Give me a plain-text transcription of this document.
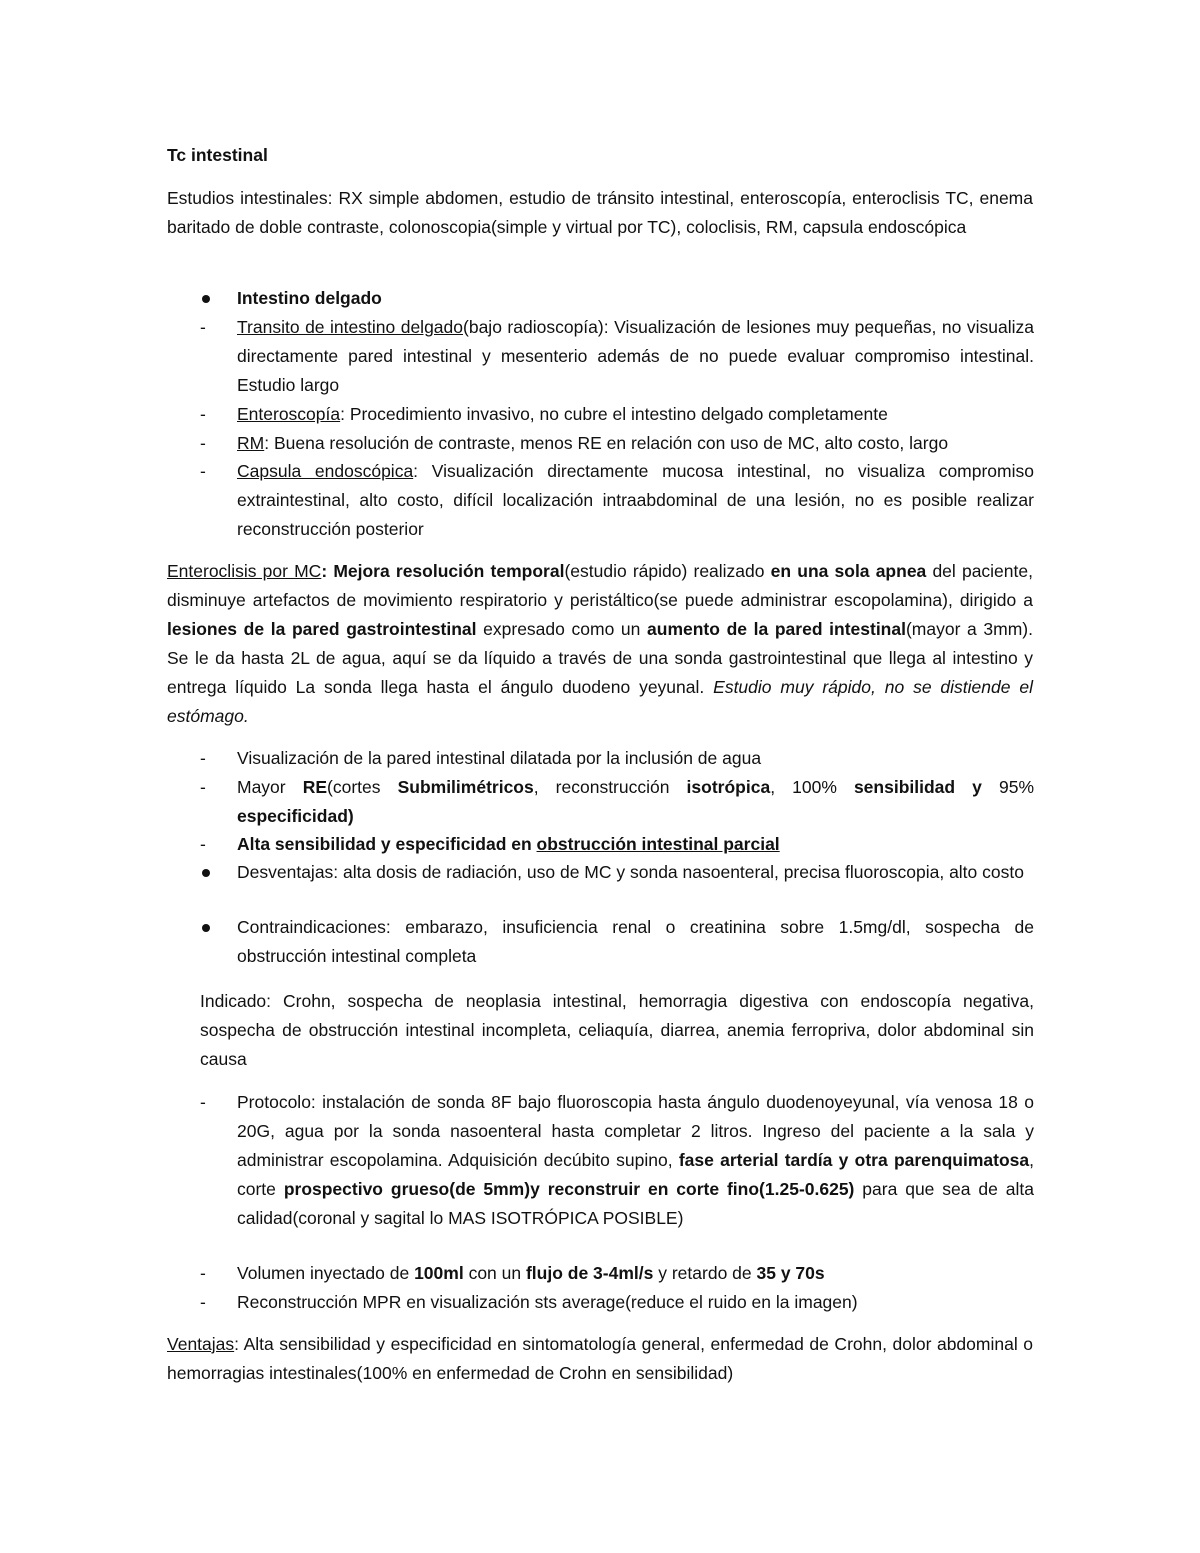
Tc intestinal

Estudios intestinales: RX simple abdomen, estudio de tránsito intestinal, enteroscopía, enteroclisis TC, enema baritado de doble contraste, colonoscopia(simple y virtual por TC), coloclisis, RM, capsula endoscópica

Intestino delgado
-	Transito de intestino delgado(bajo radioscopía): Visualización de lesiones muy pequeñas, no visualiza directamente pared intestinal y mesenterio además de no puede evaluar compromiso intestinal. Estudio largo
-	Enteroscopía: Procedimiento invasivo, no cubre el intestino delgado completamente
-	RM: Buena resolución de contraste, menos RE en relación con uso de MC, alto costo, largo
-	Capsula endoscópica: Visualización directamente mucosa intestinal, no visualiza compromiso extraintestinal, alto costo, difícil localización intraabdominal de una lesión, no es posible realizar reconstrucción posterior

Enteroclisis por MC: Mejora resolución temporal(estudio rápido) realizado en una sola apnea del paciente, disminuye artefactos de movimiento respiratorio y peristáltico(se puede administrar escopolamina), dirigido a lesiones de la pared gastrointestinal expresado como un aumento de la pared intestinal(mayor a 3mm). Se le da hasta 2L de agua, aquí se da líquido a través de una sonda gastrointestinal que llega al intestino y entrega líquido La sonda llega hasta el ángulo duodeno yeyunal. Estudio muy rápido, no se distiende el estómago.

-	Visualización de la pared intestinal dilatada por la inclusión de agua
-	Mayor RE(cortes Submilimétricos, reconstrucción isotrópica, 100% sensibilidad y 95% especificidad)
-	Alta sensibilidad y especificidad en obstrucción intestinal parcial
Desventajas: alta dosis de radiación, uso de MC y sonda nasoenteral, precisa fluoroscopia, alto costo
Contraindicaciones: embarazo, insuficiencia renal o creatinina sobre 1.5mg/dl, sospecha de obstrucción intestinal completa

Indicado: Crohn, sospecha de neoplasia intestinal, hemorragia digestiva con endoscopía negativa, sospecha de obstrucción intestinal incompleta, celiaquía, diarrea, anemia ferropriva, dolor abdominal sin causa

-	Protocolo: instalación de sonda 8F bajo fluoroscopia hasta ángulo duodenoyeyunal, vía venosa 18 o 20G, agua por la sonda nasoenteral hasta completar 2 litros. Ingreso del paciente a la sala y administrar escopolamina. Adquisición decúbito supino, fase arterial tardía y otra parenquimatosa, corte prospectivo grueso(de 5mm)y reconstruir en corte fino(1.25-0.625) para que sea de alta calidad(coronal y sagital lo MAS ISOTRÓPICA POSIBLE)
-	Volumen inyectado de 100ml con un flujo de 3-4ml/s y retardo de 35 y 70s
-	Reconstrucción MPR en visualización sts average(reduce el ruido en la imagen)

Ventajas: Alta sensibilidad y especificidad en sintomatología general, enfermedad de Crohn, dolor abdominal o hemorragias intestinales(100% en enfermedad de Crohn en sensibilidad)
